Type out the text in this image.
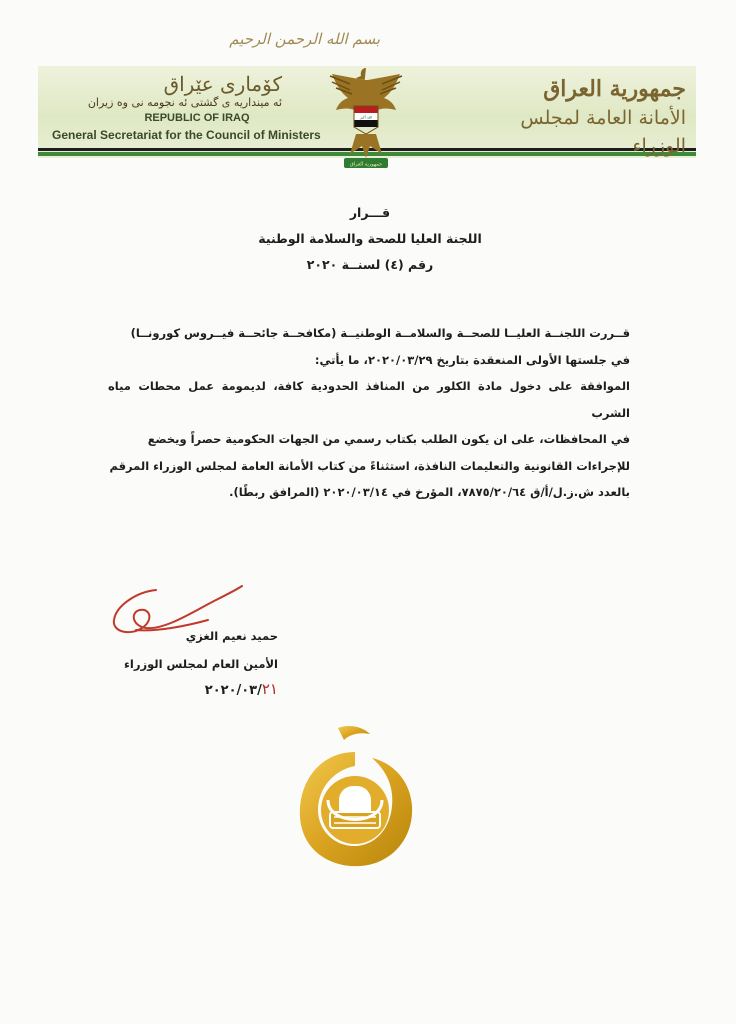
بسم الله الرحمن الرحيم
کۆماری عێراق
ئه‌ مینداریه‌ ی گشتی ئه‌ نجومه‌ نی وه‌ زیران
REPUBLIC OF IRAQ
General Secretariat for the Council of Ministers
الله أكبر
جمهورية العراق
جمهورية العراق
الأمانة العامة لمجلس الوزراء
قـــرار
اللجنة العليا للصحة والسلامة الوطنية
رقم (٤) لسنــة ٢٠٢٠

قــررت اللجنــة العليــا للصحــة والسلامــة الوطنيــة (مكافحــة جائحــة فيــروس كورونــا)

في جلستها الأولى المنعقدة بتاريخ ٢٠٢٠/٠٣/٢٩، ما يأتي:

الموافقة على دخول مادة الكلور من المنافذ الحدودية كافة، لديمومة عمل محطات مياه الشرب

في المحافظات، على ان يكون الطلب بكتاب رسمي من الجهات الحكومية حصراً ويخضع

للإجراءات القانونية والتعليمات النافذة، استثناءً من كتاب الأمانة العامة لمجلس الوزراء المرقم

بالعدد ش.ز.ل/أ/ق ٧٨٧٥/٢٠/٦٤، المؤرخ في ٢٠٢٠/٠٣/١٤ (المرافق ربطًا).

حميد نعيم الغزي
الأمين العام لمجلس الوزراء
٢٠٢٠/٠٣/٢١
